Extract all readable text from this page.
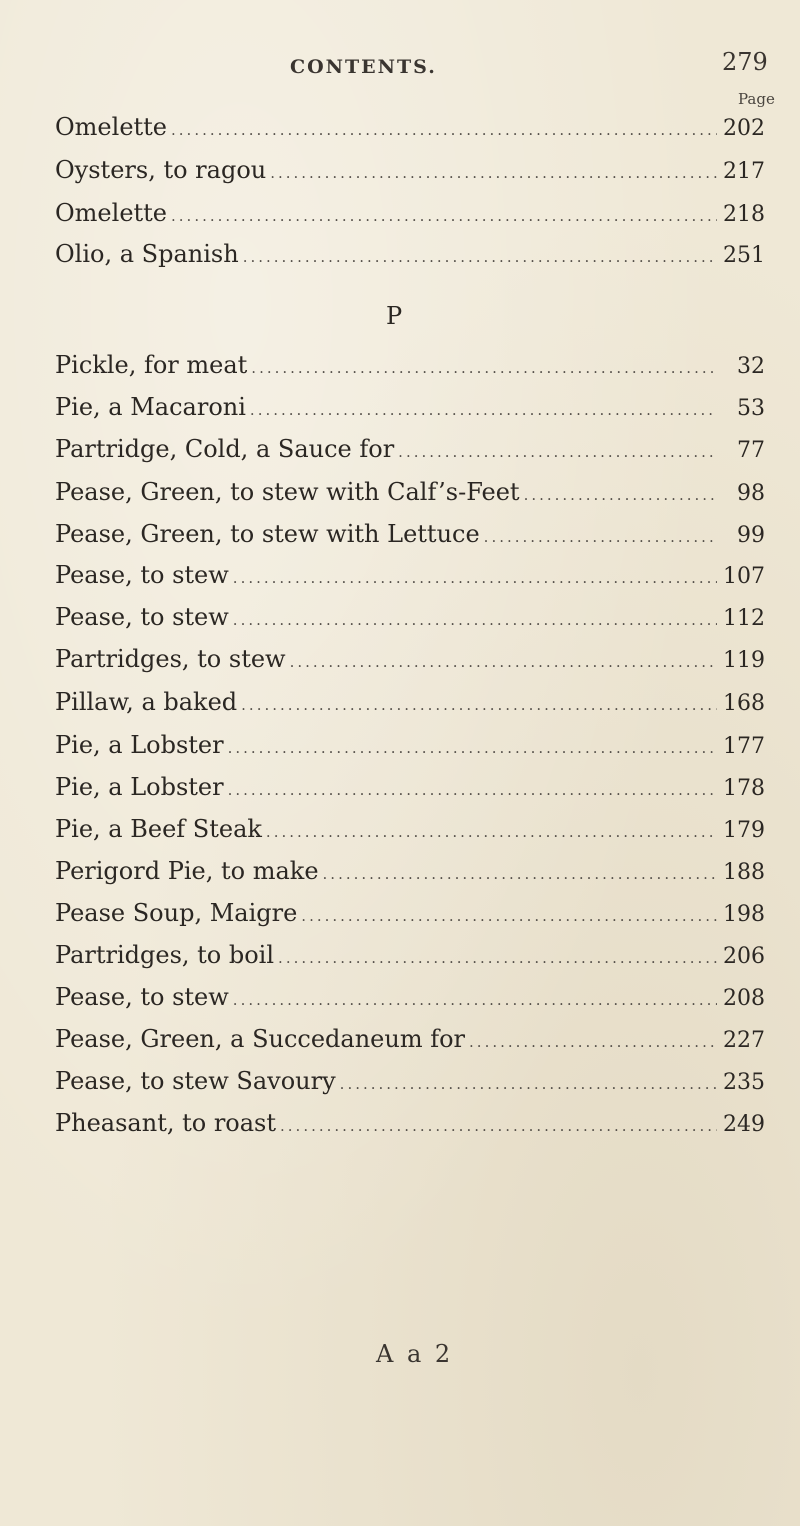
CONTENTS.	279
Page
Omelette .....	202
Oysters, to ragou .....	217
Omelette .....	218
Olio, a Spanish .....	251
P
Pickle, for meat .....	32
Pie, a Macaroni .....	53
Partridge, Cold, a Sauce for .....	77
Pease, Green, to stew with Calf’s-Feet .....	98
Pease, Green, to stew with Lettuce .....	99
Pease, to stew .....	107
Pease, to stew .....	112
Partridges, to stew .....	119
Pillaw, a baked .....	168
Pie, a Lobster .....	177
Pie, a Lobster .....	178
Pie, a Beef Steak .....	179
Perigord Pie, to make .....	188
Pease Soup, Maigre .....	198
Partridges, to boil .....	206
Pease, to stew .....	208
Pease, Green, a Succedaneum for .....	227
Pease, to stew Savoury .....	235
Pheasant, to roast .....	249
A a 2
